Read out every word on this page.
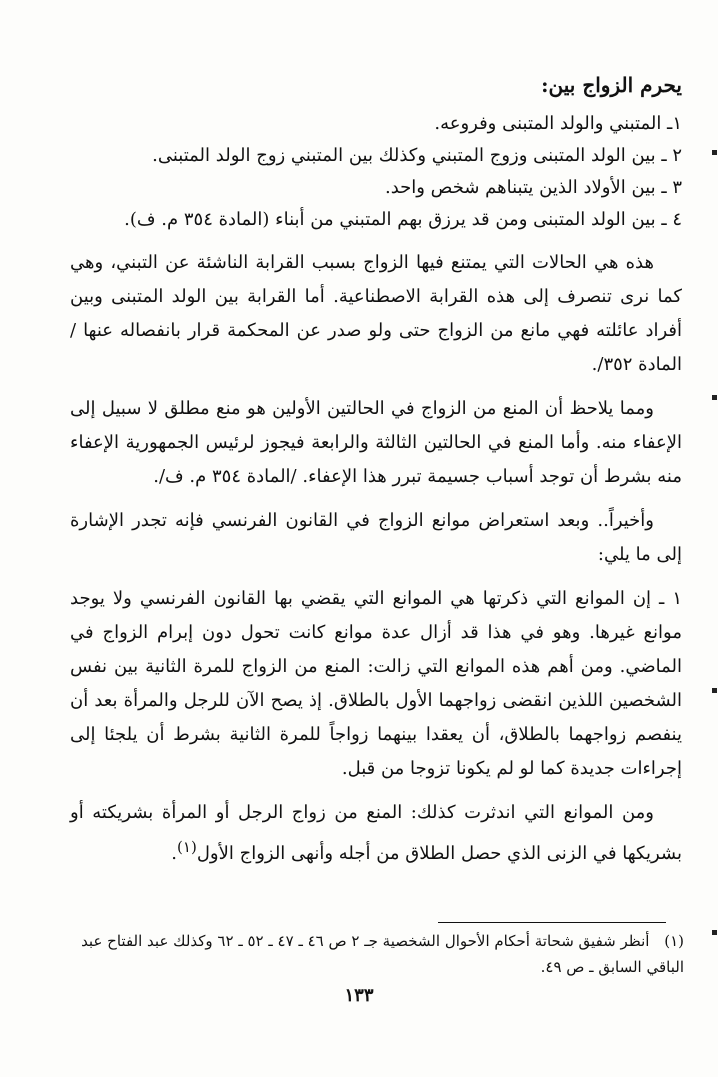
يحرم الزواج بين:
١ـ المتبني والولد المتبنى وفروعه.
٢ ـ بين الولد المتبنى وزوج المتبني وكذلك بين المتبني زوج الولد المتبنى.
٣ ـ بين الأولاد الذين يتبناهم شخص واحد.
٤ ـ بين الولد المتبنى ومن قد يرزق بهم المتبني من أبناء (المادة ٣٥٤ م. ف).

هذه هي الحالات التي يمتنع فيها الزواج بسبب القرابة الناشئة عن التبني، وهي كما نرى تنصرف إلى هذه القرابة الاصطناعية. أما القرابة بين الولد المتبنى وبين أفراد عائلته فهي مانع من الزواج حتى ولو صدر عن المحكمة قرار بانفصاله عنها /المادة ٣٥٢/.

ومما يلاحظ أن المنع من الزواج في الحالتين الأولين هو منع مطلق لا سبيل إلى الإعفاء منه. وأما المنع في الحالتين الثالثة والرابعة فيجوز لرئيس الجمهورية الإعفاء منه بشرط أن توجد أسباب جسيمة تبرر هذا الإعفاء. /المادة ٣٥٤ م. ف/.

وأخيراً.. وبعد استعراض موانع الزواج في القانون الفرنسي فإنه تجدر الإشارة إلى ما يلي:

١ ـ إن الموانع التي ذكرتها هي الموانع التي يقضي بها القانون الفرنسي ولا يوجد موانع غيرها. وهو في هذا قد أزال عدة موانع كانت تحول دون إبرام الزواج في الماضي. ومن أهم هذه الموانع التي زالت: المنع من الزواج للمرة الثانية بين نفس الشخصين اللذين انقضى زواجهما الأول بالطلاق. إذ يصح الآن للرجل والمرأة بعد أن ينفصم زواجهما بالطلاق، أن يعقدا بينهما زواجاً للمرة الثانية بشرط أن يلجئا إلى إجراءات جديدة كما لو لم يكونا تزوجا من قبل.

ومن الموانع التي اندثرت كذلك: المنع من زواج الرجل أو المرأة بشريكته أو بشريكها في الزنى الذي حصل الطلاق من أجله وأنهى الزواج الأول$^{(١)}$.

(١) أنظر شفيق شحاتة أحكام الأحوال الشخصية جـ ٢ ص ٤٦ ـ ٤٧ ـ ٥٢ ـ ٦٢ وكذلك عبد الفتاح عبد الباقي السابق ـ ص ٤٩.
١٣٣
